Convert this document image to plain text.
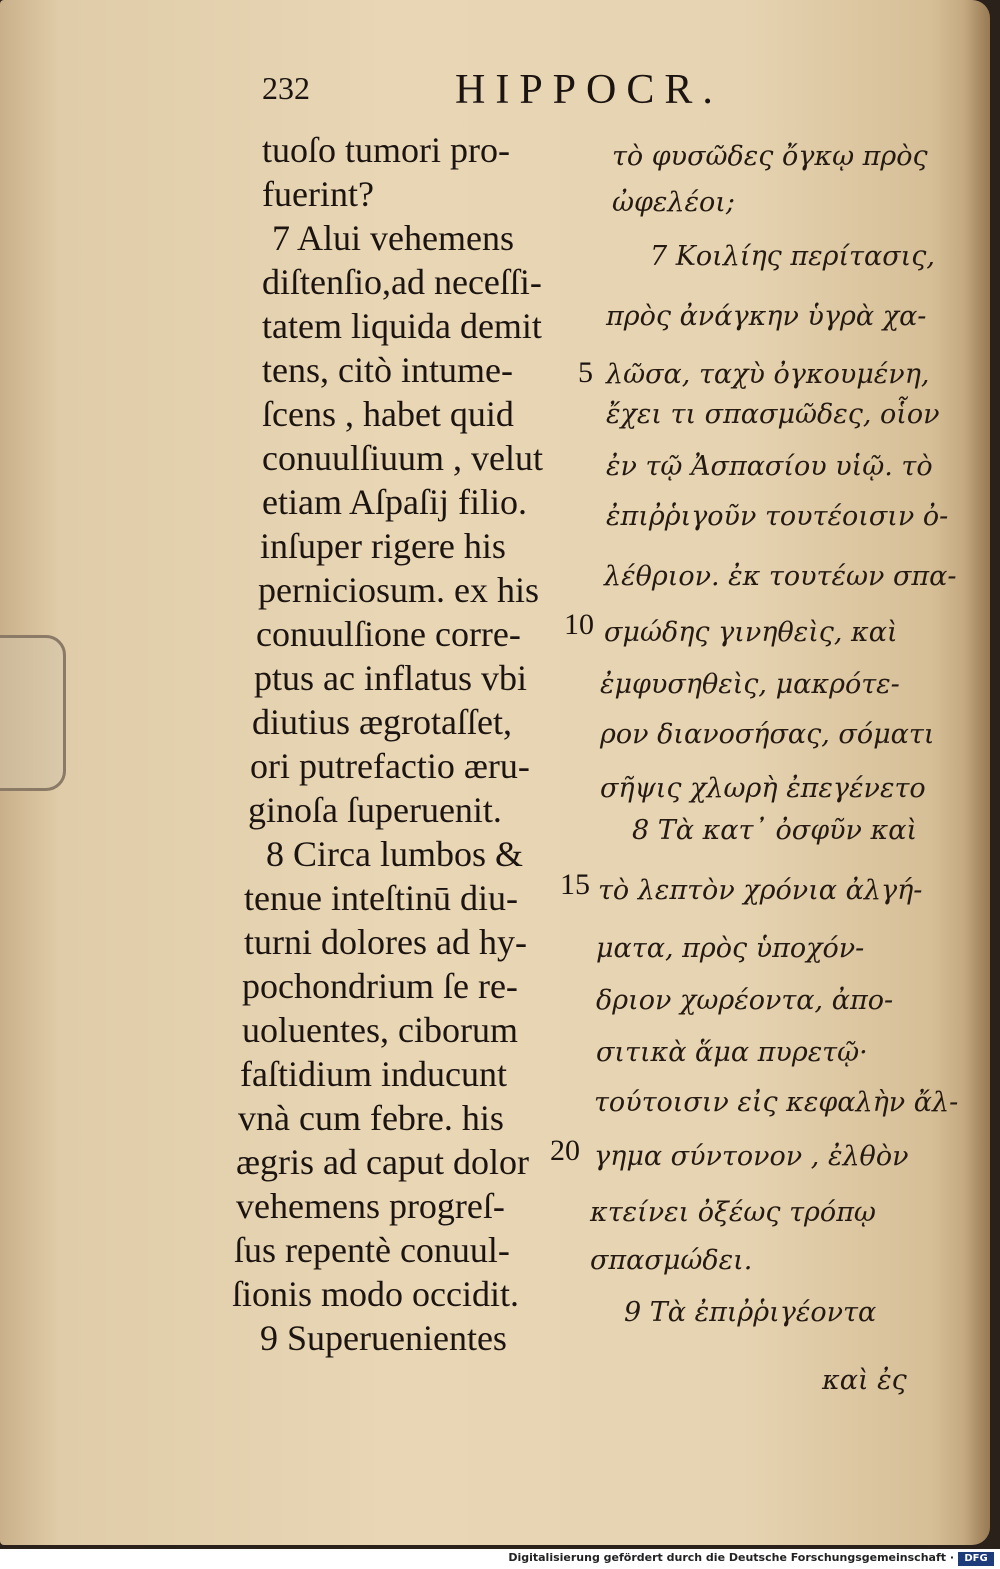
232	HIPPOCR.
tuoſo tumori pro-
fuerint?
7 Alui vehemens
diſtenſio,ad neceſſi-
tatem liquida demit
tens, citò intume-
ſcens , habet quid
conuulſiuum , velut
etiam Aſpaſij filio.
inſuper rigere his
perniciosum. ex his
conuulſione corre-
ptus ac inflatus vbi
diutius ægrotaſſet,
ori putrefactio æru-
ginoſa ſuperuenit.
8 Circa lumbos &
tenue inteſtinū diu-
turni dolores ad hy-
pochondrium ſe re-
uoluentes, ciborum
faſtidium inducunt
vnà cum febre. his
ægris ad caput dolor
vehemens progreſ-
ſus repentè conuul-
ſionis modo occidit.
9 Superuenientes
τὸ φυσῶδες ὄγκῳ πρὸς
ὠφελέοι;
7 Κοιλίης περίτασις,
πρὸς ἀνάγκην ὑγρὰ χα-
λῶσα, ταχὺ ὀγκουμένη,
ἔχει τι σπασμῶδες, οἷον
ἐν τῷ Ἀσπασίου υἱῷ. τὸ
ἐπιῤῥιγοῦν τουτέοισιν ὀ-
λέθριον. ἐκ τουτέων σπα-
σμώδης γινηθεὶς, καὶ
ἐμφυσηθεὶς, μακρότε-
ρον διανοσήσας, σόματι
σῆψις χλωρὴ ἐπεγένετο
8 Τὰ κατ᾽ ὀσφῦν καὶ
τὸ λεπτὸν χρόνια ἀλγή-
ματα, πρὸς ὑποχόν-
δριον χωρέοντα, ἀπο-
σιτικὰ ἅμα πυρετῷ·
τούτοισιν εἰς κεφαλὴν ἄλ-
γημα σύντονον , ἐλθὸν
κτείνει ὀξέως τρόπῳ
σπασμώδει.
9 Τὰ ἐπιῤῥιγέοντα
καὶ ἐς
5
10
15
20
Digitalisierung gefördert durch die Deutsche Forschungsgemeinschaft ·	DFG
